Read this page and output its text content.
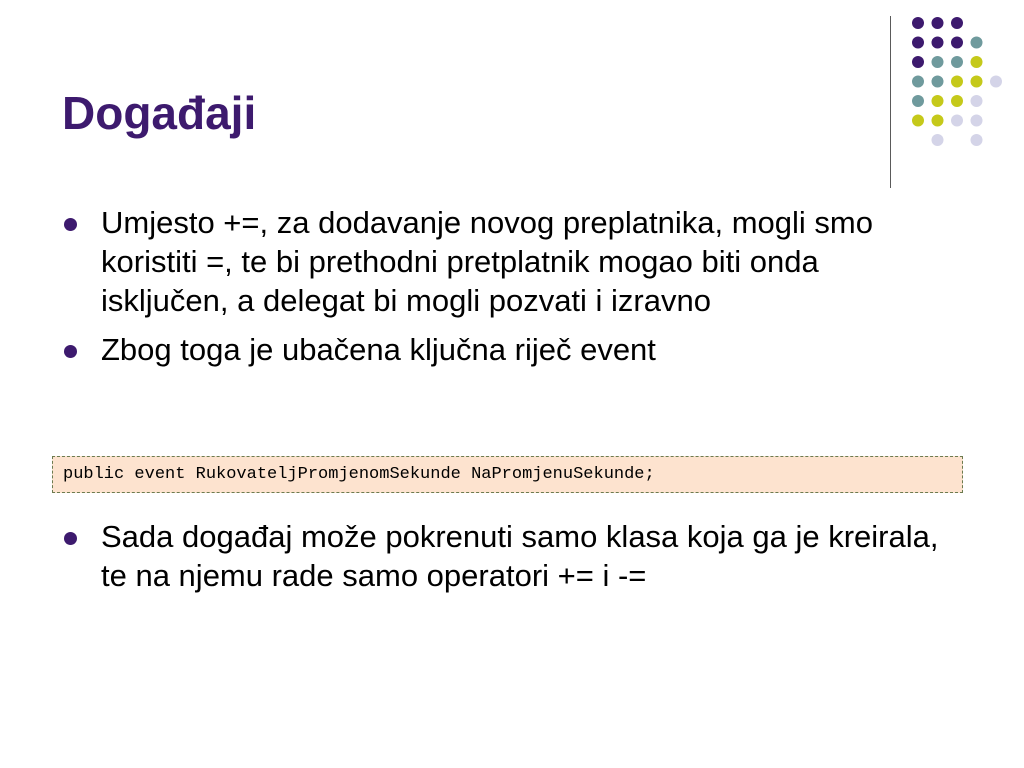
Događaji
Umjesto +=, za dodavanje novog preplatnika, mogli smo koristiti =, te bi prethodni pretplatnik mogao biti onda isključen, a delegat bi mogli pozvati i izravno
Zbog toga je ubačena ključna riječ event
public event RukovateljPromjenomSekunde NaPromjenuSekunde;
Sada događaj može pokrenuti samo klasa koja ga je kreirala, te na njemu rade samo operatori += i -=
